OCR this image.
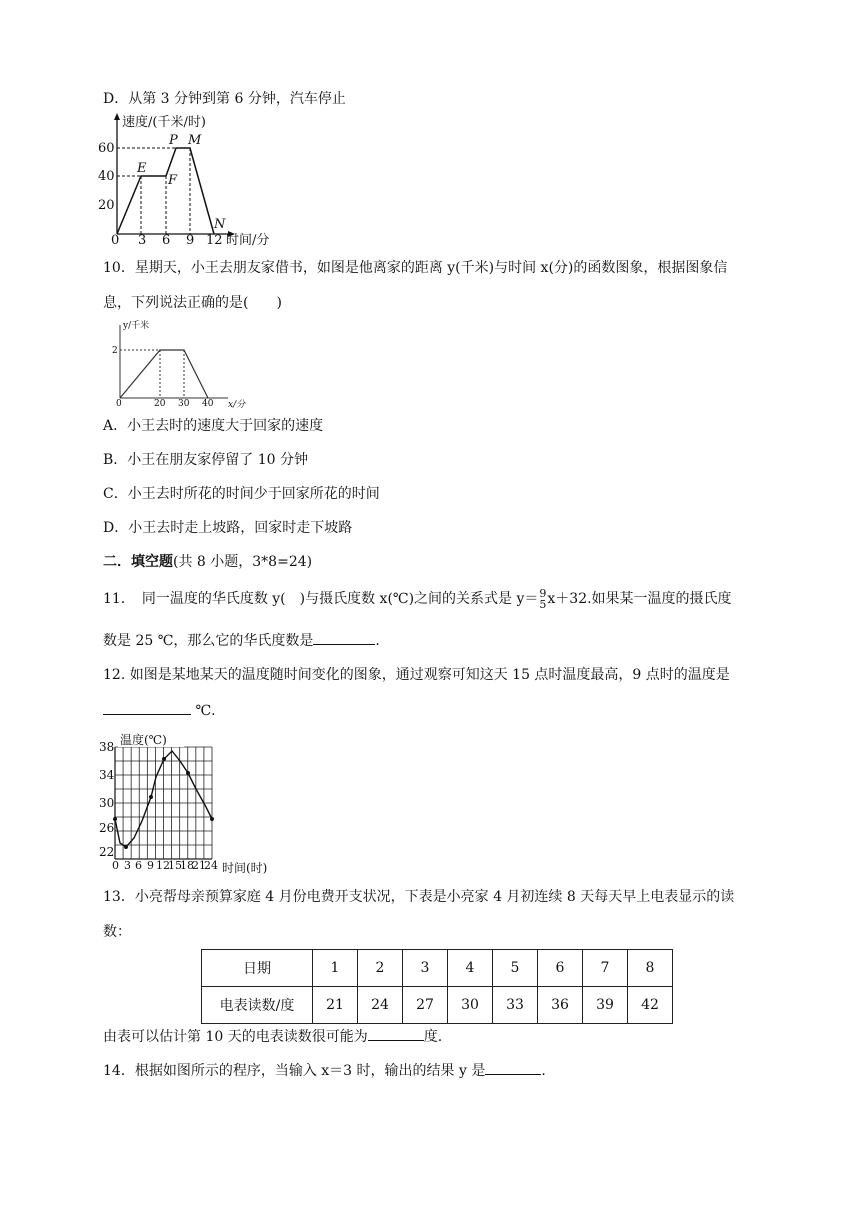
D．从第 3 分钟到第 6 分钟，汽车停止
60
40
20
0 3 6 9 12 时间/分
速度/(千米/时)
E
F
P M
N
10．星期天，小王去朋友家借书，如图是他离家的距离 y(千米)与时间 x(分)的函数图象，根据图象信
息，下列说法正确的是(　　)
y/千米
2
0	20 30 40 x/分
A．小王去时的速度大于回家的速度
B．小王在朋友家停留了 10 分钟
C．小王去时所花的时间少于回家所花的时间
D．小王去时走上坡路，回家时走下坡路
二．填空题(共 8 小题，3*8=24)
11．　同一温度的华氏度数 y(　)与摄氏度数 x(℃)之间的关系式是 y＝ 9
5 x＋32.如果某一温度的摄氏度
数是 25 ℃，那么它的华氏度数是	.
12. 如图是某地某天的温度随时间变化的图象，通过观察可知这天 15 点时温度最高，9 点时的温度是
℃.
温度(℃)
38
34
30
26
22
0 3 6 9 12
15
18
21
24 时间(时)
13．小亮帮母亲预算家庭 4 月份电费开支状况，下表是小亮家 4 月初连续 8 天每天早上电表显示的读
数：
日期	1	2	3	4	5	6	7	8
电表读数/度	21	24	27	30	33	36	39	42
由表可以估计第 10 天的电表读数很可能为	度.
14．根据如图所示的程序，当输入 x＝3 时，输出的结果 y 是	.
